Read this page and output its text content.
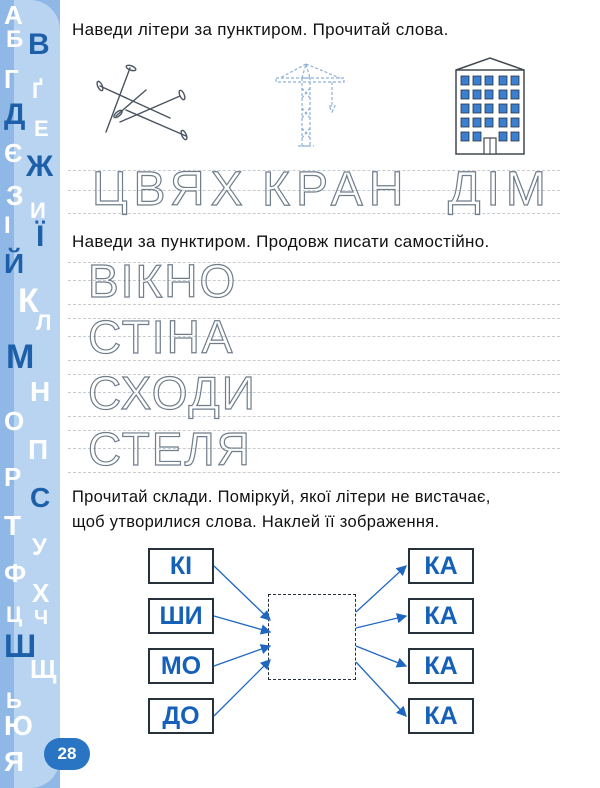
А
В
Б
Г Ґ
Д Е
Є Ж
З И
І Ї
Й
К
Л
М
Н
О
П
Р
С
Т
У
Ф
Х
Ц Ч
Ш
Щ
Ь
Ю
Я	28
Наведи літери за пунктиром. Прочитай слова.
ЦВЯХ КРАН ДІМ
Наведи за пунктиром. Продовж писати самостійно.
ВІКНО
СТІНА
СХОДИ
СТЕЛЯ
Прочитай склади. Поміркуй, якої літери не вистачає,
щоб утворилися слова. Наклей її зображення.
КІ
ШИ
МО
ДО
КА
КА
КА
КА
